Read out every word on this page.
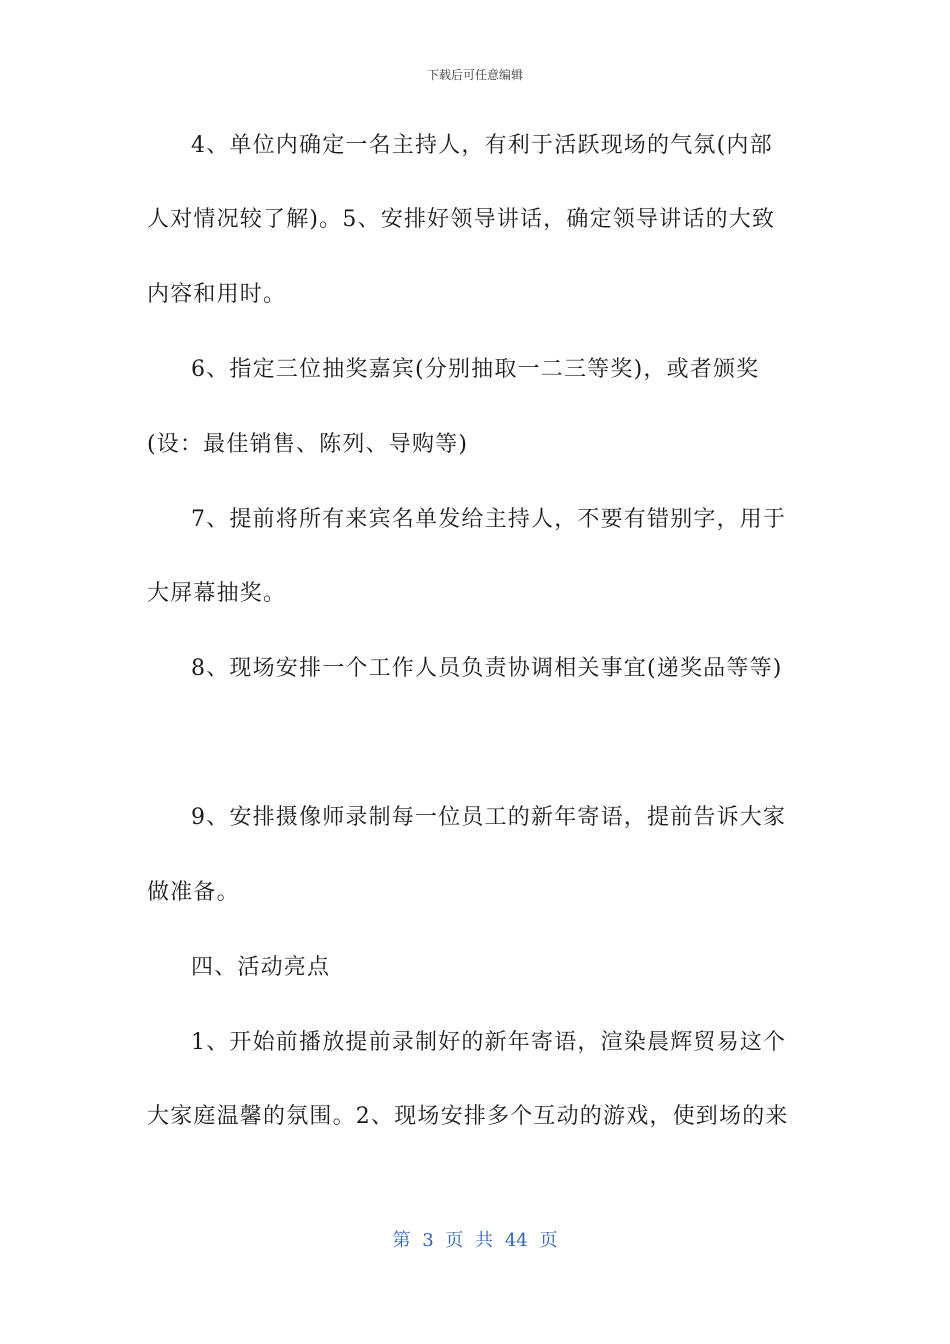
下载后可任意编辑
4、单位内确定一名主持人，有利于活跃现场的气氛(内部
人对情况较了解)。5、安排好领导讲话，确定领导讲话的大致
内容和用时。
6、指定三位抽奖嘉宾(分别抽取一二三等奖)，或者颁奖
(设：最佳销售、陈列、导购等)
7、提前将所有来宾名单发给主持人，不要有错别字，用于
大屏幕抽奖。
8、现场安排一个工作人员负责协调相关事宜(递奖品等等)
9、安排摄像师录制每一位员工的新年寄语，提前告诉大家
做准备。
四、活动亮点
1、开始前播放提前录制好的新年寄语，渲染晨辉贸易这个
大家庭温馨的氛围。2、现场安排多个互动的游戏，使到场的来
第 3 页 共 44 页
